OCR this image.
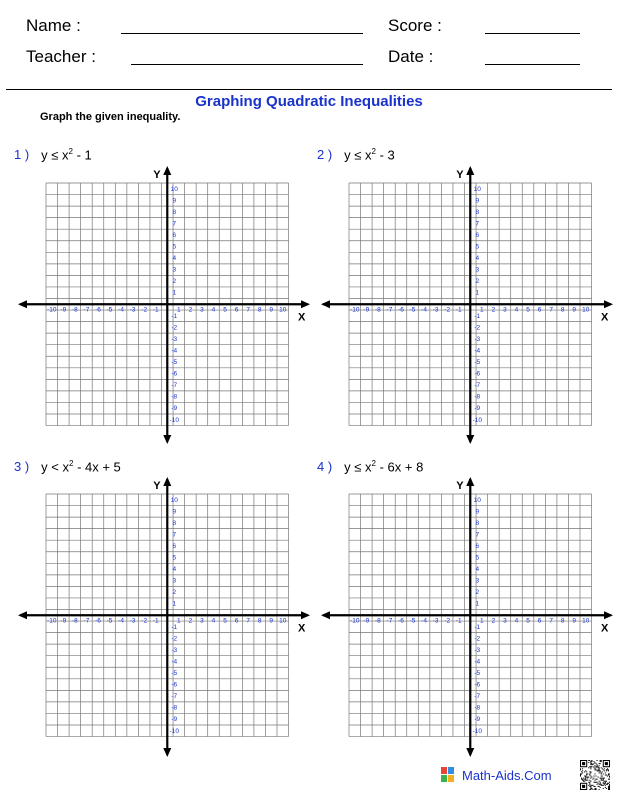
Name :	Score :
Teacher :	Date :
Graphing Quadratic Inequalities
Graph the given inequality.
1 ) $y \le x^2 - 1$	2 ) $y \le x^2 - 3$
3 ) $y < x^2 - 4x + 5$	4 ) $y \le x^2 - 6x + 8$
X
Y
-10
-10
-9
-9
-8
-8
-7
-7
-6
-6
-5
-5
-4
-4
-3
-3
-2
-2
-1
-1
1
1
2
2
3
3
4
4
5
5
6
6
7
7
8
8
9
9
10
10
X
Y
-10
-10
-9
-9
-8
-8
-7
-7
-6
-6
-5
-5
-4
-4
-3
-3
-2
-2
-1
-1
1
1
2
2
3
3
4
4
5
5
6
6
7
7
8
8
9
9
10
10
X
Y
-10
-10
-9
-9
-8
-8
-7
-7
-6
-6
-5
-5
-4
-4
-3
-3
-2
-2
-1
-1
1
1
2
2
3
3
4
4
5
5
6
6
7
7
8
8
9
9
10
10
X
Y
-10
-10
-9
-9
-8
-8
-7
-7
-6
-6
-5
-5
-4
-4
-3
-3
-2
-2
-1
-1
1
1
2
2
3
3
4
4
5
5
6
6
7
7
8
8
9
9
10
10
Math-Aids.Com
